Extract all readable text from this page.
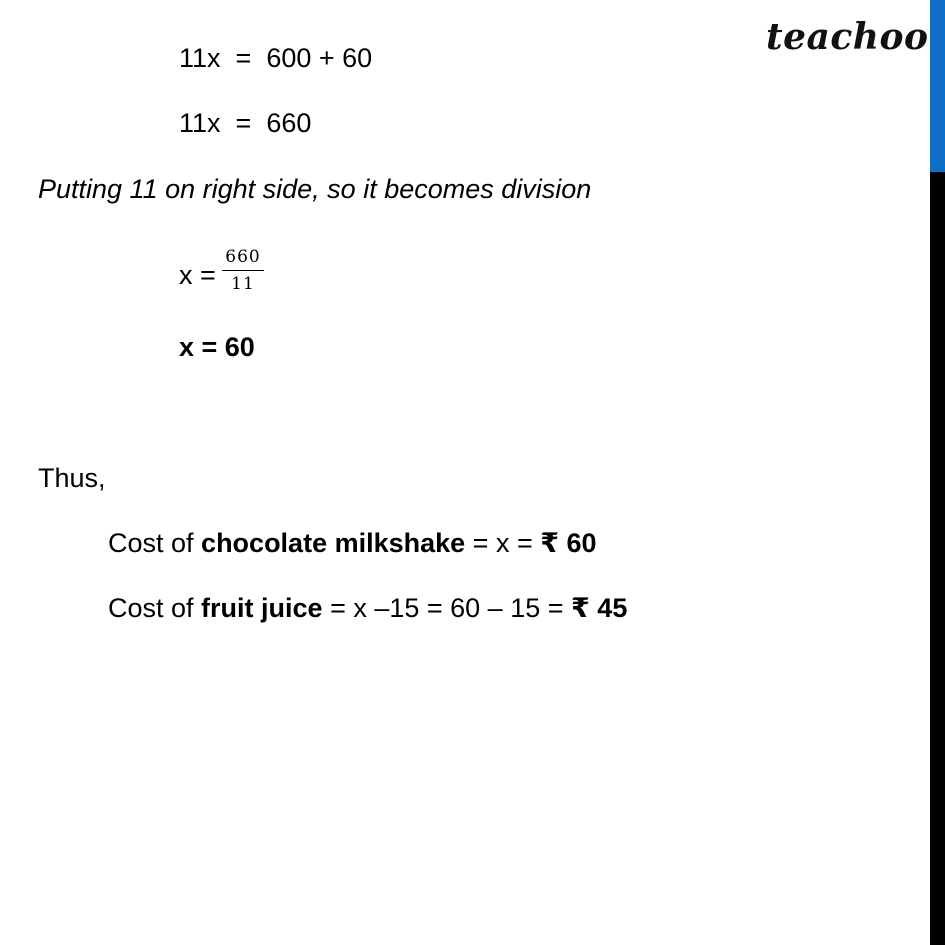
teachoo
11x =  600 + 60
11x =  660
Putting 11 on right side, so it becomes division
$x = \frac{660}{11}$
x = 60
Thus,
Cost of chocolate milkshake = x = ₹ 60
Cost of fruit juice = x –15 = 60 – 15 = ₹ 45
